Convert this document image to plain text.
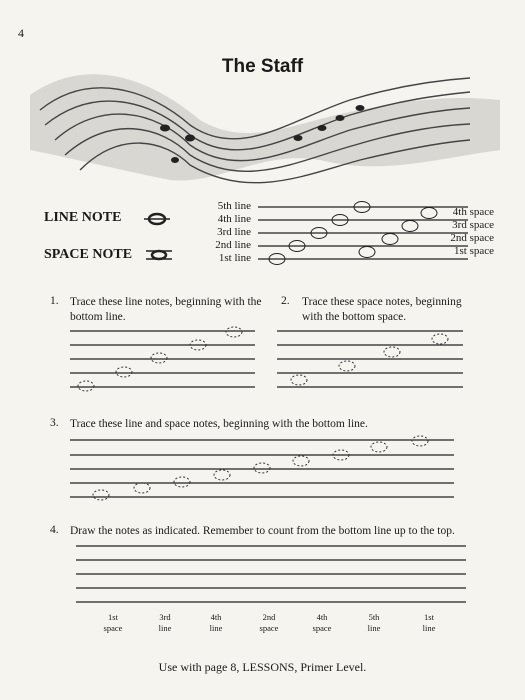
4
The Staff
LINE NOTE
SPACE NOTE
5th line
4th line
3rd line
2nd line
1st line
4th space
3rd space
2nd space
1st space
1. Trace these line notes, beginning with the bottom line.
2. Trace these space notes, beginning with the bottom space.
3. Trace these line and space notes, beginning with the bottom line.
4. Draw the notes as indicated. Remember to count from the bottom line up to the top.
1st
space
3rd
line
4th
line
2nd
space
4th
space
5th
line
1st
line
Use with page 8, LESSONS, Primer Level.
